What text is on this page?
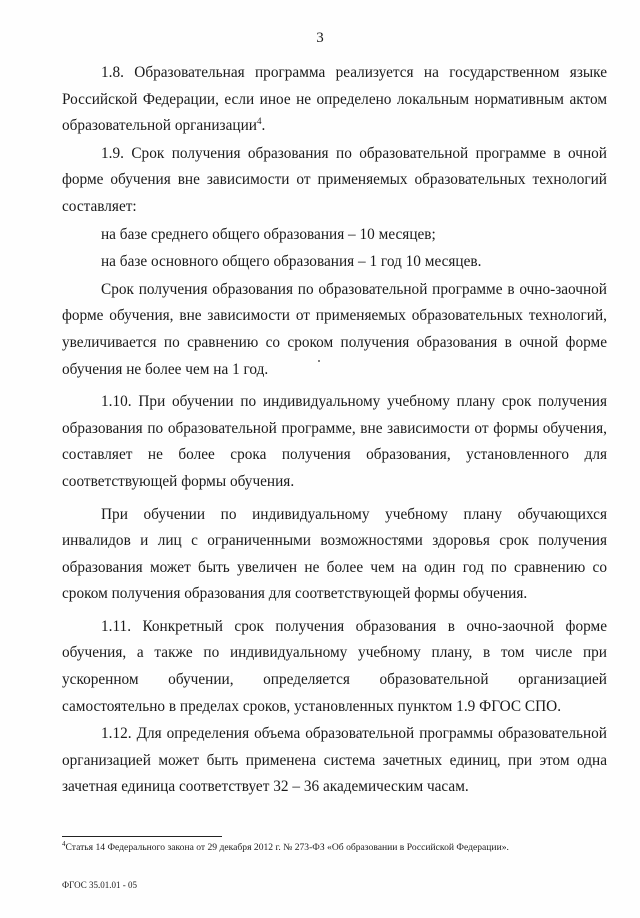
3

1.8. Образовательная программа реализуется на государственном языке Российской Федерации, если иное не определено локальным нормативным актом образовательной организации$^4$.

1.9. Срок получения образования по образовательной программе в очной форме обучения вне зависимости от применяемых образовательных технологий составляет:

на базе среднего общего образования – 10 месяцев;

на базе основного общего образования – 1 год 10 месяцев.

Срок получения образования по образовательной программе в очно-заочной форме обучения, вне зависимости от применяемых образовательных технологий, увеличивается по сравнению со сроком получения образования в очной форме обучения не более чем на 1 год.

1.10. При обучении по индивидуальному учебному плану срок получения образования по образовательной программе, вне зависимости от формы обучения, составляет не более срока получения образования, установленного для соответствующей формы обучения.

При обучении по индивидуальному учебному плану обучающихся инвалидов и лиц с ограниченными возможностями здоровья срок получения образования может быть увеличен не более чем на один год по сравнению со сроком получения образования для соответствующей формы обучения.

1.11. Конкретный срок получения образования в очно-заочной форме обучения, а также по индивидуальному учебному плану, в том числе при ускоренном обучении, определяется образовательной организацией самостоятельно в пределах сроков, установленных пунктом 1.9 ФГОС СПО.

1.12. Для определения объема образовательной программы образовательной организацией может быть применена система зачетных единиц, при этом одна зачетная единица соответствует 32 – 36 академическим часам.

$^4$Статья 14 Федерального закона от 29 декабря 2012 г. № 273-ФЗ «Об образовании в Российской Федерации».
ФГОС 35.01.01 - 05
